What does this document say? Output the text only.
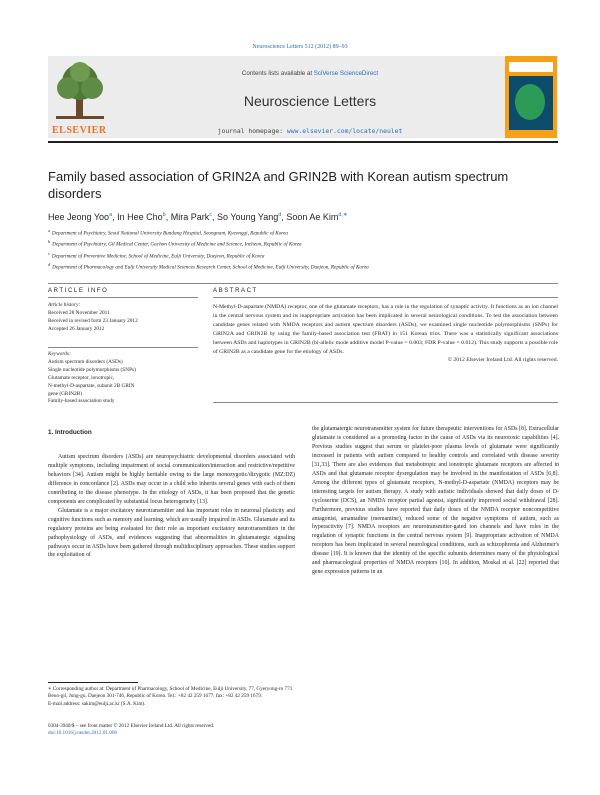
Neuroscience Letters 512 (2012) 89–93
ELSEVIER
Contents lists available at SciVerse ScienceDirect
Neuroscience Letters
journal homepage: www.elsevier.com/locate/neulet
Family based association of GRIN2A and GRIN2B with Korean autism spectrum disorders
Hee Jeong Yoo$^a$, In Hee Cho$^b$, Mira Park$^c$, So Young Yang$^d$, Soon Ae Kim$^{d,∗}$
$^a$Department of Psychiatry, Seoul National University Bundang Hospital, Seongnam, Kyeonggi, Republic of Korea
$^b$Department of Psychiatry, Gil Medical Center, Gachon University of Medicine and Science, Incheon, Republic of Korea
$^c$Department of Preventive Medicine, School of Medicine, Eulji University, Daejeon, Republic of Korea
$^d$Department of Pharmacology and Eulji University Medical Sciences Research Center, School of Medicine, Eulji University, Daejeon, Republic of Korea
ARTICLE INFO	ABSTRACT
Article history:
Received 28 November 2011
Received in revised form 23 January 2012
Accepted 26 January 2012
Keywords:
Autism spectrum disorders (ASDs)
Single nucleotide polymorphisms (SNPs)
Glutamate receptor, ionotropic,
N-methyl-D-aspartate, subunit 2B GRIN
gene (GRIN2B)
Family-based association study
N-Methyl-D-aspartate (NMDA) receptor, one of the glutamate receptors, has a role in the regulation of synaptic activity. It functions as an ion channel in the central nervous system and its inappropriate activation has been implicated in several neurological conditions. To test the association between candidate genes related with NMDA receptors and autism spectrum disorders (ASDs), we examined single nucleotide polymorphisms (SNPs) for GRIN2A and GRIN2B by using the family-based association test (FBAT) in 151 Korean trios. There was a statistically significant associations between ASDs and haplotypes in GRIN2B (bi-allelic mode additive model P-value = 0.003; FDR P-value = 0.012). This study supports a possible role of GRIN2B as a candidate gene for the etiology of ASDs.
© 2012 Elsevier Ireland Ltd. All rights reserved.
1. Introduction

Autism spectrum disorders (ASDs) are neuropsychiatric developmental disorders associated with multiple symptoms, including impairment of social communication/interaction and restrictive/repetitive behaviors [34]. Autism might be highly heritable owing to the large monozygotic/dizygotic (MZ:DZ) difference in concordance [2]. ASDs may occur in a child who inherits several genes with each of them contributing to the disease phenotype. In the etiology of ASDs, it has been proposed that the genetic components are complicated by substantial locus heterogeneity [13].

Glutamate is a major excitatory neurotransmitter and has important roles in neuronal plasticity and cognitive functions such as memory and learning, which are usually impaired in ASDs. Glutamate and its regulatory proteins are being evaluated for their role as important excitatory neurotransmitters in the pathophysiology of ASDs, and evidences suggesting that abnormalities in glutamatergic signaling pathways occur in ASDs have been gathered through multidisciplinary approaches. These studies support the exploitation of

the glutamatergic neurotransmitter system for future therapeutic interventions for ASDs [8]. Extracellular glutamate is considered as a promoting factor in the cause of ASDs via its neurotoxic capabilities [4]. Previous studies suggest that serum or platelet-poor plasma levels of glutamate were significantly increased in patients with autism compared to healthy controls and correlated with disease severity [31,33]. There are also evidences that metabotropic and ionotropic glutamate receptors are affected in ASDs and that glutamate receptor dysregulation may be involved in the manifestation of ASDs [6,8]. Among the different types of glutamate receptors, N-methyl-D-aspartate (NMDA) receptors may be interesting targets for autism therapy. A study with autistic individuals showed that daily doses of D-cycloserine (DCS), an NMDA receptor partial agonist, significantly improved social withdrawal [28]. Furthermore, previous studies have reported that daily doses of the NMDA receptor noncompetitive antagonist, amantadine (memantine), reduced some of the negative symptoms of autism, such as hyperactivity [7]. NMDA receptors are neurotransmitter-gated ion channels and have roles in the regulation of synaptic functions in the central nervous system [9]. Inappropriate activation of NMDA receptors has been implicated in several neurological conditions, such as schizophrenia and Alzheimer's disease [19]. It is known that the identity of the specific subunits determines many of the physiological and pharmacological properties of NMDA receptors [10]. In addition, Moskal et al. [22] reported that gene expression patterns in an

∗ Corresponding author at: Department of Pharmacology, School of Medicine, Eulji University, 77, Gyeryong-ro 771 Beon-gil, Jung-gu, Daejeon 301-746, Republic of Korea. Tel.: +82 42 259 1677; fax: +82 42 259 1679.
E-mail address: sakim@eulji.ac.kr (S.A. Kim).
0304-3940/$ – see front matter © 2012 Elsevier Ireland Ltd. All rights reserved.
doi:10.1016/j.neulet.2012.01.068
